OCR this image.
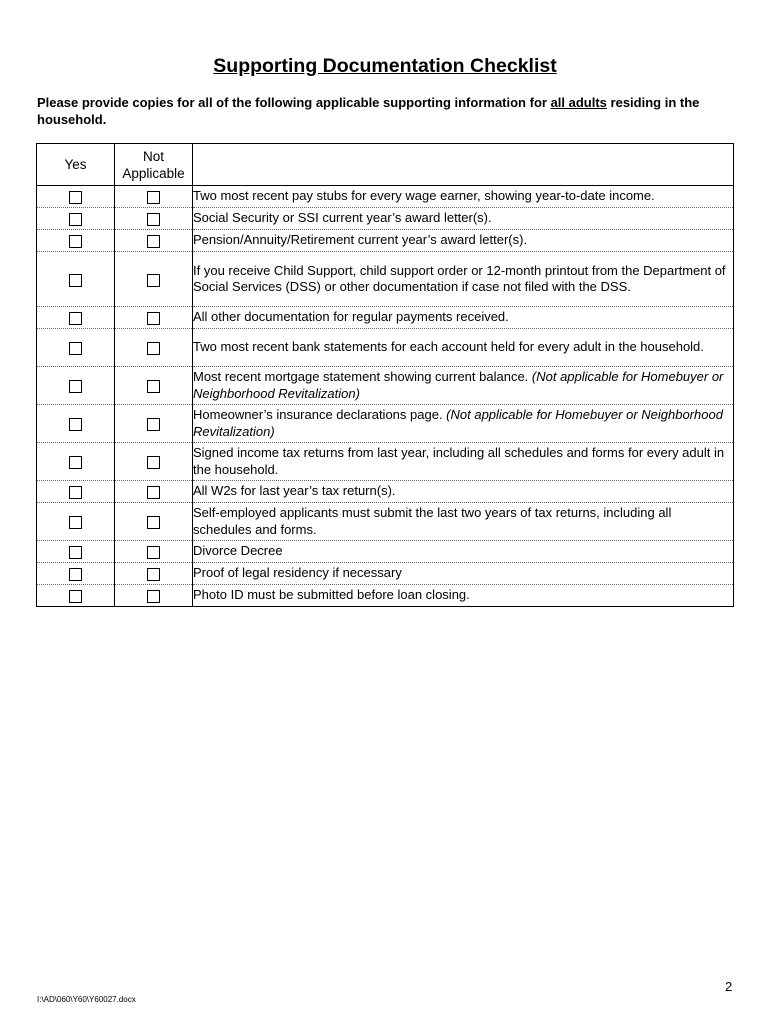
Supporting Documentation Checklist
Please provide copies for all of the following applicable supporting information for all adults residing in the household.
Yes	Not
Applicable	
		Two most recent pay stubs for every wage earner, showing year-to-date income.
		Social Security or SSI current year’s award letter(s).
		Pension/Annuity/Retirement current year’s award letter(s).
		If you receive Child Support, child support order or 12-month printout from the Department of Social Services (DSS) or other documentation if case not filed with the DSS.
		All other documentation for regular payments received.
		Two most recent bank statements for each account held for every adult in the household.
		Most recent mortgage statement showing current balance. (Not applicable for Homebuyer or Neighborhood Revitalization)
		Homeowner’s insurance declarations page. (Not applicable for Homebuyer or Neighborhood Revitalization)
		Signed income tax returns from last year, including all schedules and forms for every adult in the household.
		All W2s for last year’s tax return(s).
		Self-employed applicants must submit the last two years of tax returns, including all schedules and forms.
		Divorce Decree
		Proof of legal residency if necessary
		Photo ID must be submitted before loan closing.
2
I:\AD\060\Y60\Y60027.docx
